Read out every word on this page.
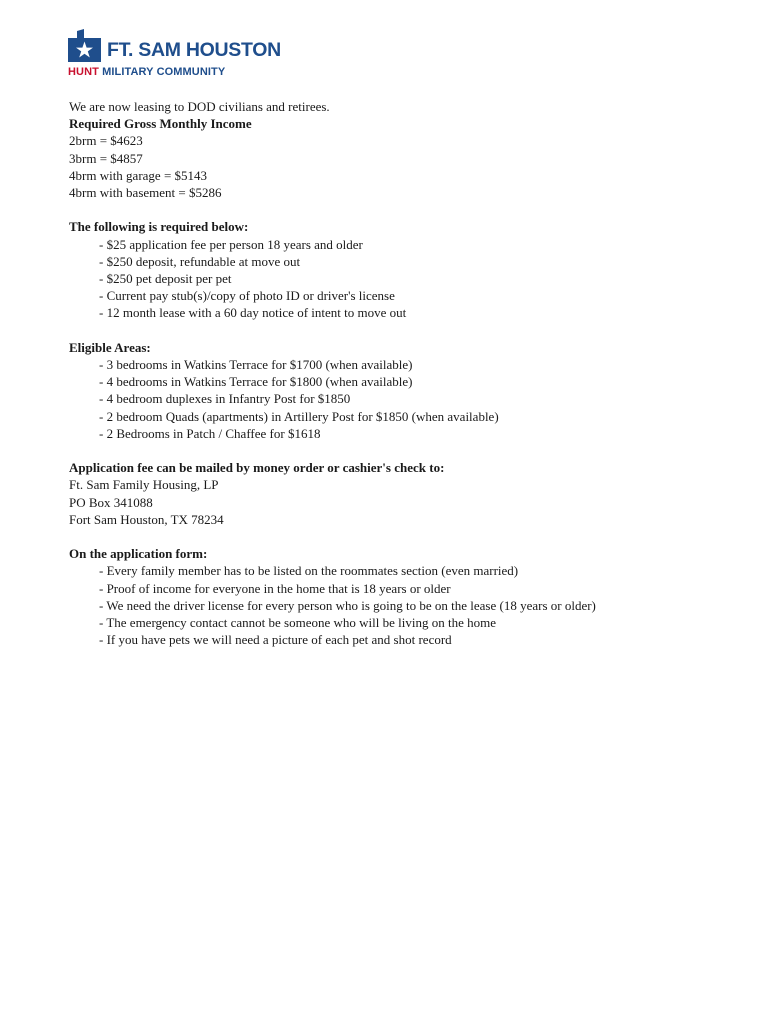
FT. SAM HOUSTON
HUNT MILITARY COMMUNITY

We are now leasing to DOD civilians and retirees.

Required Gross Monthly Income

2brm = $4623

3brm = $4857

4brm with garage = $5143

4brm with basement = $5286

The following is required below:

- $25 application fee per person 18 years and older

- $250 deposit, refundable at move out

- $250 pet deposit per pet

- Current pay stub(s)/copy of photo ID or driver's license

- 12 month lease with a 60 day notice of intent to move out

Eligible Areas:

- 3 bedrooms in Watkins Terrace for $1700 (when available)

- 4 bedrooms in Watkins Terrace for $1800 (when available)

- 4 bedroom duplexes in Infantry Post for $1850

- 2 bedroom Quads (apartments) in Artillery Post for $1850 (when available)

- 2 Bedrooms in Patch / Chaffee for $1618

Application fee can be mailed by money order or cashier's check to:

Ft. Sam Family Housing, LP

PO Box 341088

Fort Sam Houston, TX 78234

On the application form:

- Every family member has to be listed on the roommates section (even married)

- Proof of income for everyone in the home that is 18 years or older

- We need the driver license for every person who is going to be on the lease (18 years or older)

- The emergency contact cannot be someone who will be living on the home

- If you have pets we will need a picture of each pet and shot record
